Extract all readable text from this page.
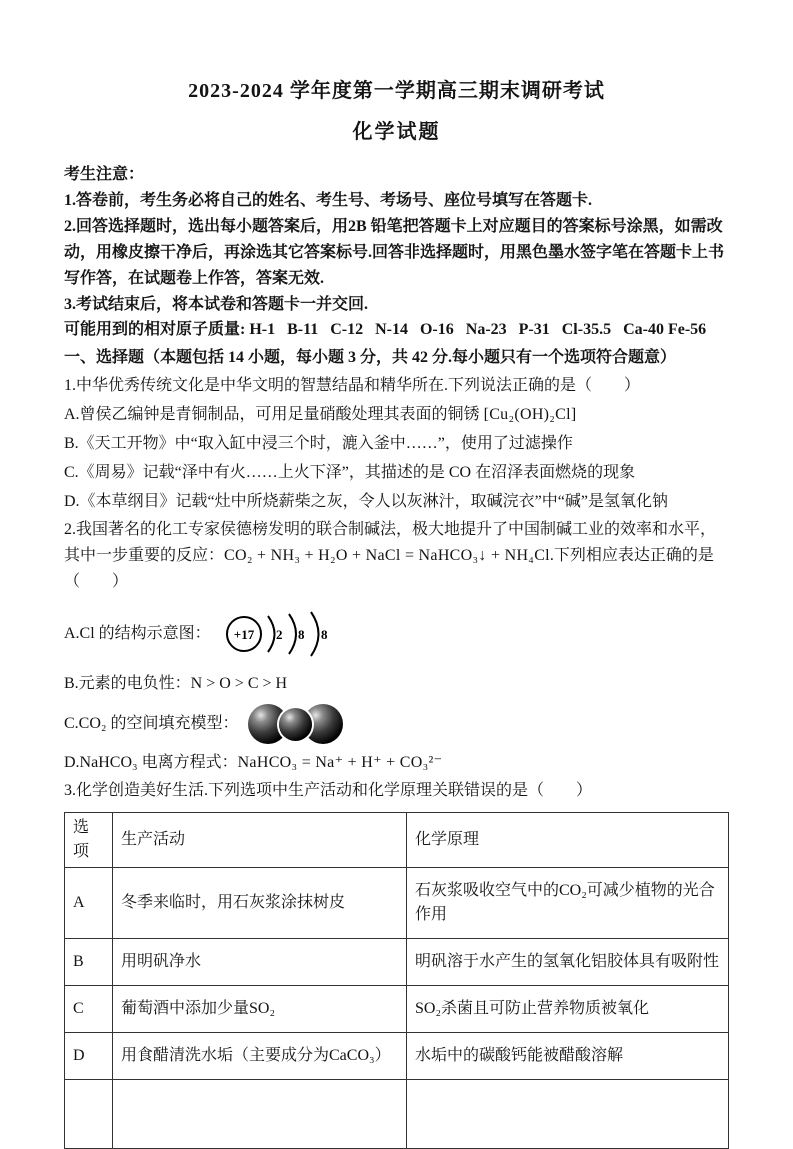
2023-2024 学年度第一学期高三期末调研考试
化学试题

考生注意：

1.答卷前，考生务必将自己的姓名、考生号、考场号、座位号填写在答题卡.

2.回答选择题时，选出每小题答案后，用2B 铅笔把答题卡上对应题目的答案标号涂黑，如需改动，用橡皮擦干净后，再涂选其它答案标号.回答非选择题时，用黑色墨水签字笔在答题卡上书写作答，在试题卷上作答，答案无效.

3.考试结束后，将本试卷和答题卡一并交回.

可能用到的相对原子质量: H-1   B-11   C-12   N-14   O-16   Na-23   P-31   Cl-35.5   Ca-40 Fe-56

一、选择题（本题包括 14 小题，每小题 3 分，共 42 分.每小题只有一个选项符合题意）

1.中华优秀传统文化是中华文明的智慧结晶和精华所在.下列说法正确的是（　　）

A.曾侯乙编钟是青铜制品，可用足量硝酸处理其表面的铜锈 [Cu₂(OH)₂Cl]

B.《天工开物》中“取入缸中浸三个时，漉入釜中……”，使用了过滤操作

C.《周易》记载“泽中有火……上火下泽”，其描述的是 CO 在沼泽表面燃烧的现象

D.《本草纲目》记载“灶中所烧薪柴之灰，令人以灰淋汁，取碱浣衣”中“碱”是氢氧化钠

2.我国著名的化工专家侯德榜发明的联合制碱法，极大地提升了中国制碱工业的效率和水平，其中一步重要的反应：CO₂ + NH₃ + H₂O + NaCl = NaHCO₃↓ + NH₄Cl.下列相应表达正确的是（　　）

A.Cl 的结构示意图： +17 2 8 8

B.元素的电负性：N > O > C > H

C.CO₂ 的空间填充模型：

D.NaHCO₃ 电离方程式：NaHCO₃ = Na⁺ + H⁺ + CO₃²⁻

3.化学创造美好生活.下列选项中生产活动和化学原理关联错误的是（　　）

选项	生产活动	化学原理
A	冬季来临时，用石灰浆涂抹树皮	石灰浆吸收空气中的CO₂可减少植物的光合作用
B	用明矾净水	明矾溶于水产生的氢氧化铝胶体具有吸附性
C	葡萄酒中添加少量SO₂	SO₂杀菌且可防止营养物质被氧化
D	用食醋清洗水垢（主要成分为CaCO₃）	水垢中的碳酸钙能被醋酸溶解
